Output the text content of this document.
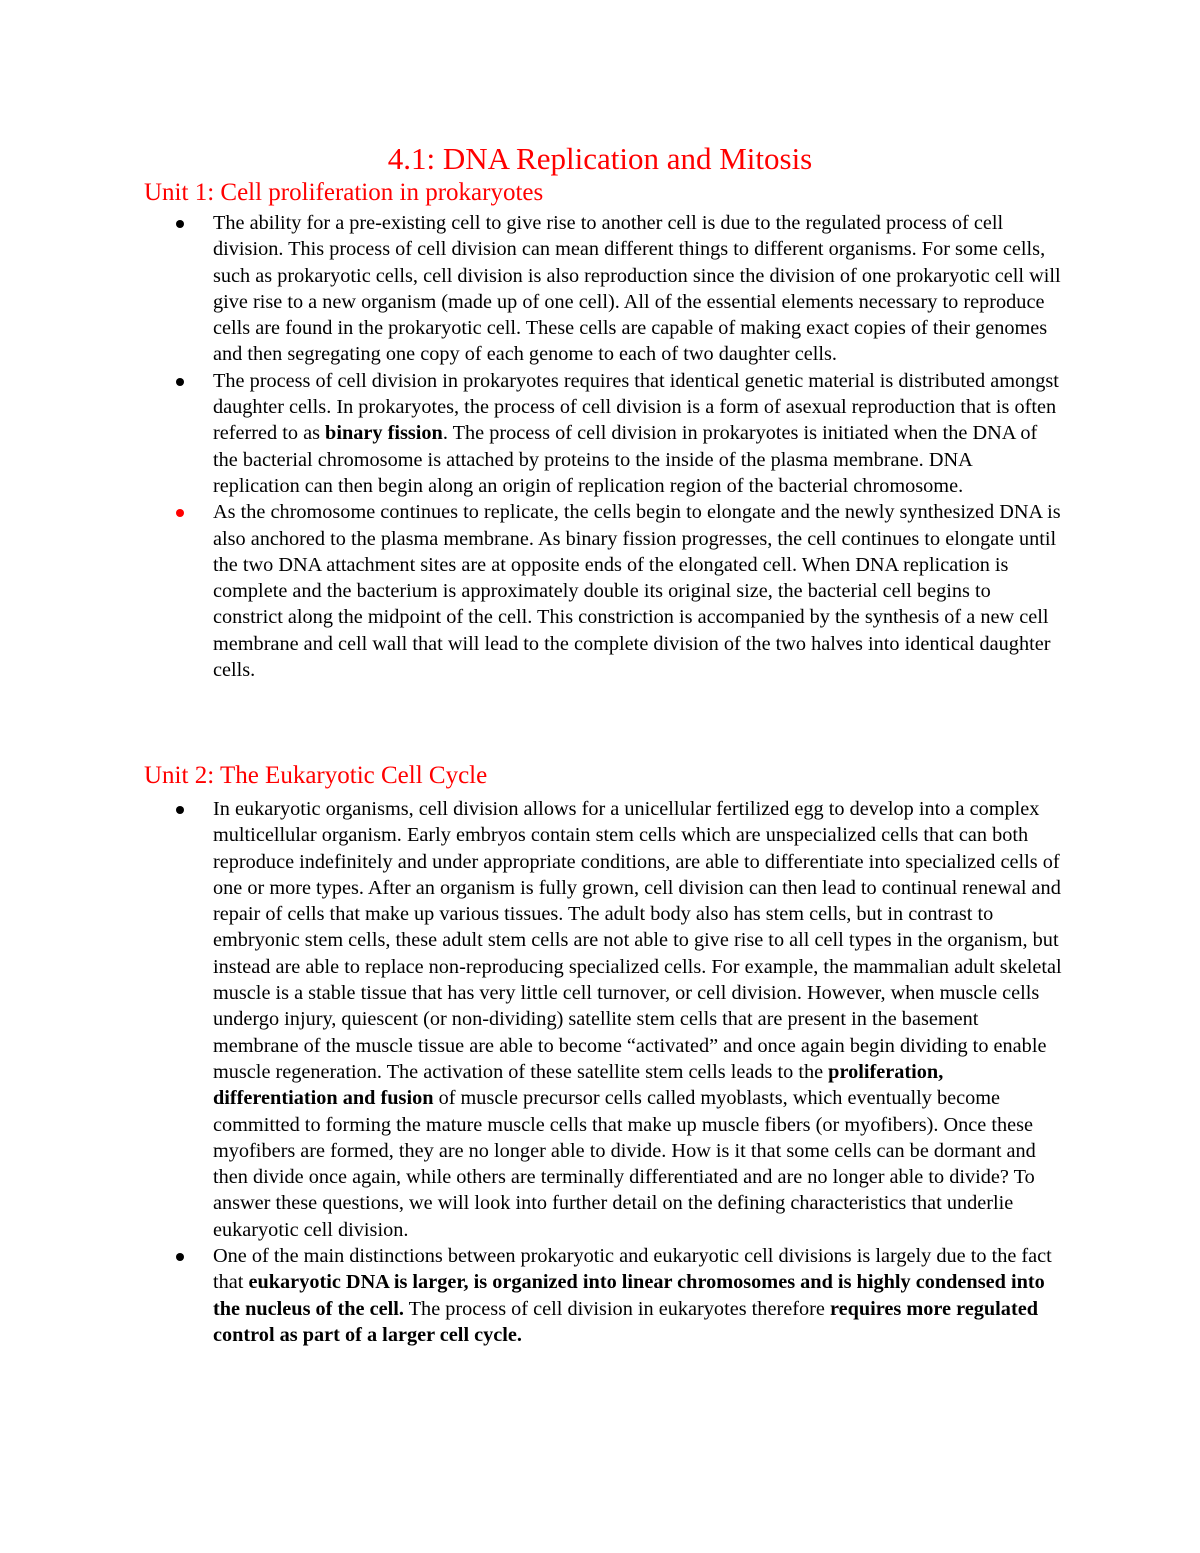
4.1: DNA Replication and Mitosis
Unit 1: Cell proliferation in prokaryotes
The ability for a pre-existing cell to give rise to another cell is due to the regulated process of cell division. This process of cell division can mean different things to different organisms. For some cells, such as prokaryotic cells, cell division is also reproduction since the division of one prokaryotic cell will give rise to a new organism (made up of one cell). All of the essential elements necessary to reproduce cells are found in the prokaryotic cell. These cells are capable of making exact copies of their genomes and then segregating one copy of each genome to each of two daughter cells.
The process of cell division in prokaryotes requires that identical genetic material is distributed amongst daughter cells. In prokaryotes, the process of cell division is a form of asexual reproduction that is often referred to as binary fission. The process of cell division in prokaryotes is initiated when the DNA of the bacterial chromosome is attached by proteins to the inside of the plasma membrane. DNA replication can then begin along an origin of replication region of the bacterial chromosome.
As the chromosome continues to replicate, the cells begin to elongate and the newly synthesized DNA is also anchored to the plasma membrane. As binary fission progresses, the cell continues to elongate until the two DNA attachment sites are at opposite ends of the elongated cell. When DNA replication is complete and the bacterium is approximately double its original size, the bacterial cell begins to constrict along the midpoint of the cell. This constriction is accompanied by the synthesis of a new cell membrane and cell wall that will lead to the complete division of the two halves into identical daughter cells.
Unit 2: The Eukaryotic Cell Cycle
In eukaryotic organisms, cell division allows for a unicellular fertilized egg to develop into a complex multicellular organism. Early embryos contain stem cells which are unspecialized cells that can both reproduce indefinitely and under appropriate conditions, are able to differentiate into specialized cells of one or more types. After an organism is fully grown, cell division can then lead to continual renewal and repair of cells that make up various tissues. The adult body also has stem cells, but in contrast to embryonic stem cells, these adult stem cells are not able to give rise to all cell types in the organism, but instead are able to replace non-reproducing specialized cells. For example, the mammalian adult skeletal muscle is a stable tissue that has very little cell turnover, or cell division. However, when muscle cells undergo injury, quiescent (or non-dividing) satellite stem cells that are present in the basement membrane of the muscle tissue are able to become “activated” and once again begin dividing to enable muscle regeneration. The activation of these satellite stem cells leads to the proliferation, differentiation and fusion of muscle precursor cells called myoblasts, which eventually become committed to forming the mature muscle cells that make up muscle fibers (or myofibers). Once these myofibers are formed, they are no longer able to divide. How is it that some cells can be dormant and then divide once again, while others are terminally differentiated and are no longer able to divide? To answer these questions, we will look into further detail on the defining characteristics that underlie eukaryotic cell division.
One of the main distinctions between prokaryotic and eukaryotic cell divisions is largely due to the fact that eukaryotic DNA is larger, is organized into linear chromosomes and is highly condensed into the nucleus of the cell. The process of cell division in eukaryotes therefore requires more regulated control as part of a larger cell cycle.
